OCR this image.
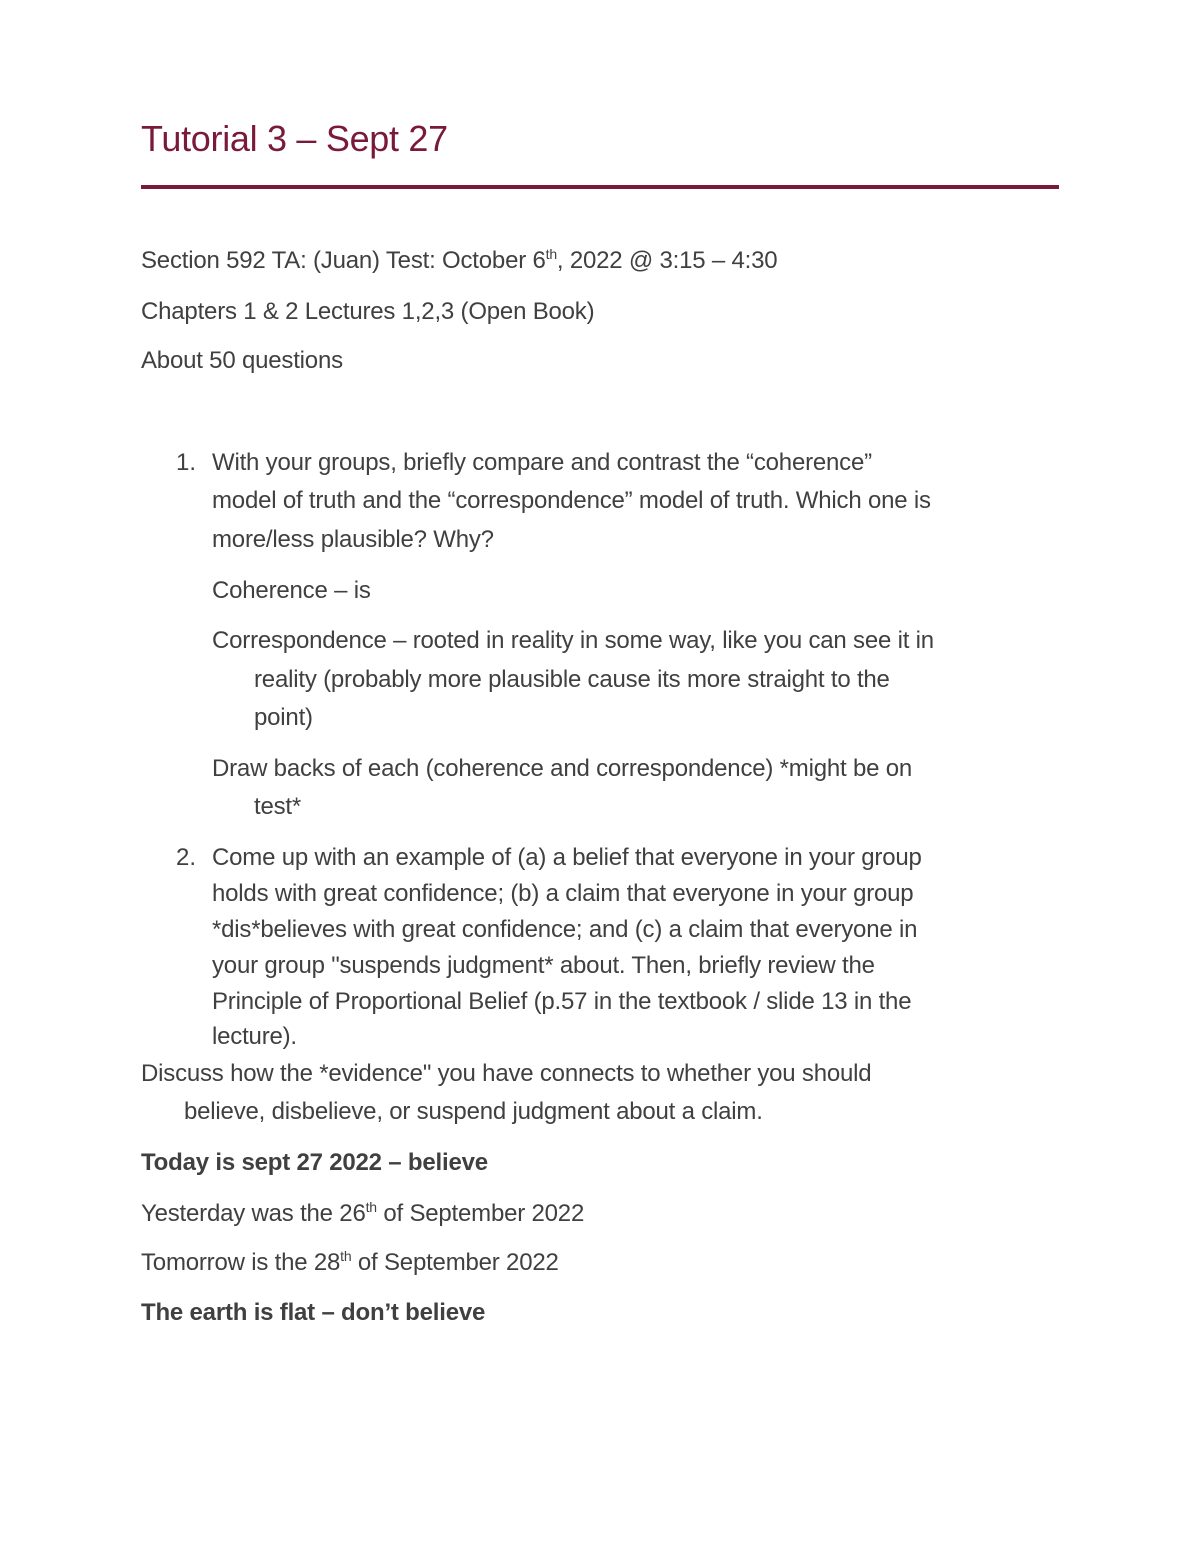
Tutorial 3 – Sept 27
Section 592 TA: (Juan) Test: October 6th, 2022 @ 3:15 – 4:30
Chapters 1 & 2 Lectures 1,2,3 (Open Book)
About 50 questions
1. With your groups, briefly compare and contrast the “coherence”
model of truth and the “correspondence” model of truth. Which one is
more/less plausible? Why?
Coherence – is
Correspondence – rooted in reality in some way, like you can see it in
reality (probably more plausible cause its more straight to the
point)
Draw backs of each (coherence and correspondence) *might be on
test*
2. Come up with an example of (a) a belief that everyone in your group
holds with great confidence; (b) a claim that everyone in your group
*dis*believes with great confidence; and (c) a claim that everyone in
your group "suspends judgment* about. Then, briefly review the
Principle of Proportional Belief (p.57 in the textbook / slide 13 in the
lecture).
Discuss how the *evidence" you have connects to whether you should
believe, disbelieve, or suspend judgment about a claim.
Today is sept 27 2022 – believe
Yesterday was the 26th of September 2022
Tomorrow is the 28th of September 2022
The earth is flat – don’t believe
